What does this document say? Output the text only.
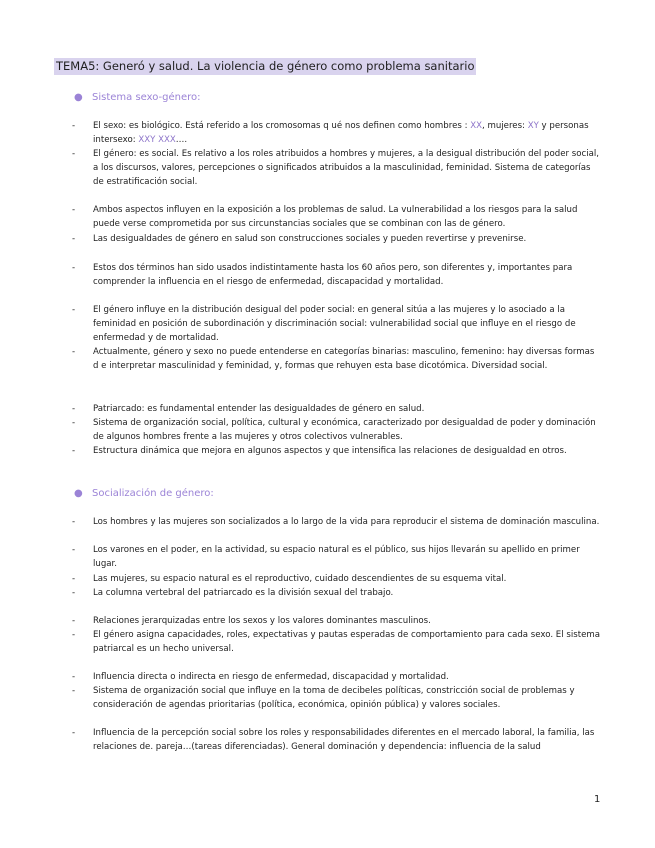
TEMA5: Generó y salud. La violencia de género como problema sanitario
● Sistema sexo-género:
- El sexo: es biológico. Está referido a los cromosomas q ué nos definen como hombres : XX, mujeres: XY y personas intersexo: XXY XXX….
- El género: es social. Es relativo a los roles atribuidos a hombres y mujeres, a la desigual distribución del poder social, a los discursos, valores, percepciones o significados atribuidos a la masculinidad, feminidad. Sistema de categorías de estratificación social.
- Ambos aspectos influyen en la exposición a los problemas de salud. La vulnerabilidad a los riesgos para la salud puede verse comprometida por sus circunstancias sociales que se combinan con las de género.
- Las desigualdades de género en salud son construcciones sociales y pueden revertirse y prevenirse.
- Estos dos términos han sido usados indistintamente hasta los 60 años pero, son diferentes y, importantes para comprender la influencia en el riesgo de enfermedad, discapacidad y mortalidad.
- El género influye en la distribución desigual del poder social: en general sitúa a las mujeres y lo asociado a la feminidad en posición de subordinación y discriminación social: vulnerabilidad social que influye en el riesgo de enfermedad y de mortalidad.
- Actualmente, género y sexo no puede entenderse en categorías binarias: masculino, femenino: hay diversas formas d e interpretar masculinidad y feminidad, y, formas que rehuyen esta base dicotómica. Diversidad social.
- Patriarcado: es fundamental entender las desigualdades de género en salud.
- Sistema de organización social, política, cultural y económica, caracterizado por desigualdad de poder y dominación de algunos hombres frente a las mujeres y otros colectivos vulnerables.
- Estructura dinámica que mejora en algunos aspectos y que intensifica las relaciones de desigualdad en otros.
● Socialización de género:
- Los hombres y las mujeres son socializados a lo largo de la vida para reproducir el sistema de dominación masculina.
- Los varones en el poder, en la actividad, su espacio natural es el público, sus hijos llevarán su apellido en primer lugar.
- Las mujeres, su espacio natural es el reproductivo, cuidado descendientes de su esquema vital.
- La columna vertebral del patriarcado es la división sexual del trabajo.
- Relaciones jerarquizadas entre los sexos y los valores dominantes masculinos.
- El género asigna capacidades, roles, expectativas y pautas esperadas de comportamiento para cada sexo. El sistema patriarcal es un hecho universal.
- Influencia directa o indirecta en riesgo de enfermedad, discapacidad y mortalidad.
- Sistema de organización social que influye en la toma de decibeles políticas, constricción social de problemas y consideración de agendas prioritarias (política, económica, opinión pública) y valores sociales.
- Influencia de la percepción social sobre los roles y responsabilidades diferentes en el mercado laboral, la familia, las relaciones de. pareja…(tareas diferenciadas). General dominación y dependencia: influencia de la salud
1
